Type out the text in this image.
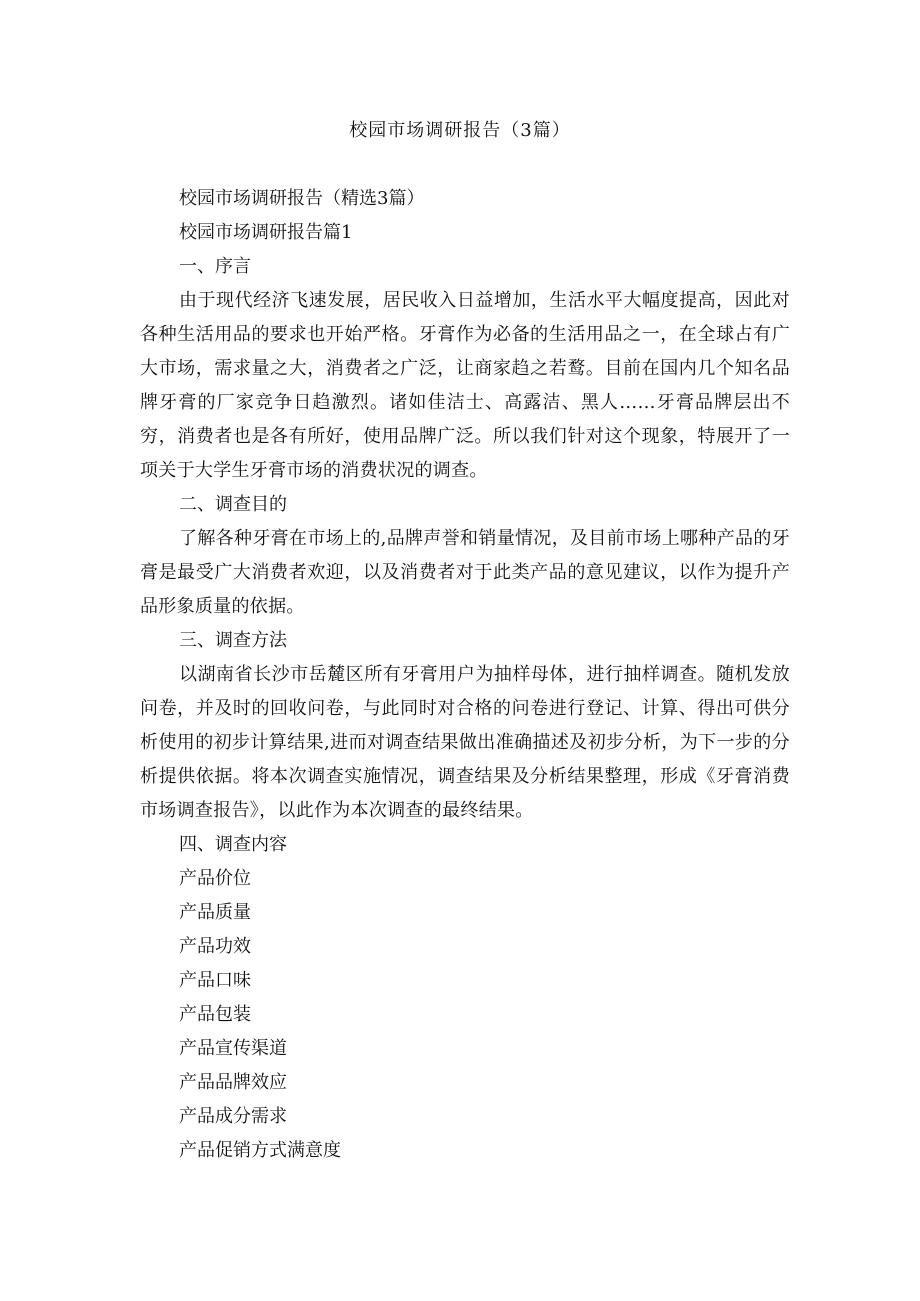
校园市场调研报告（3篇）

校园市场调研报告（精选3篇）

校园市场调研报告篇1

一、序言

由于现代经济飞速发展，居民收入日益增加，生活水平大幅度提高，因此对各种生活用品的要求也开始严格。牙膏作为必备的生活用品之一，在全球占有广大市场，需求量之大，消费者之广泛，让商家趋之若鹜。目前在国内几个知名品牌牙膏的厂家竞争日趋激烈。诸如佳洁士、高露洁、黑人……牙膏品牌层出不穷，消费者也是各有所好，使用品牌广泛。所以我们针对这个现象，特展开了一项关于大学生牙膏市场的消费状况的调查。

二、调查目的

了解各种牙膏在市场上的,品牌声誉和销量情况，及目前市场上哪种产品的牙膏是最受广大消费者欢迎，以及消费者对于此类产品的意见建议，以作为提升产品形象质量的依据。

三、调查方法

以湖南省长沙市岳麓区所有牙膏用户为抽样母体，进行抽样调查。随机发放问卷，并及时的回收问卷，与此同时对合格的问卷进行登记、计算、得出可供分析使用的初步计算结果,进而对调查结果做出准确描述及初步分析，为下一步的分析提供依据。将本次调查实施情况，调查结果及分析结果整理，形成《牙膏消费市场调查报告》，以此作为本次调查的最终结果。

四、调查内容

产品价位
产品质量
产品功效
产品口味
产品包装
产品宣传渠道
产品品牌效应
产品成分需求
产品促销方式满意度
